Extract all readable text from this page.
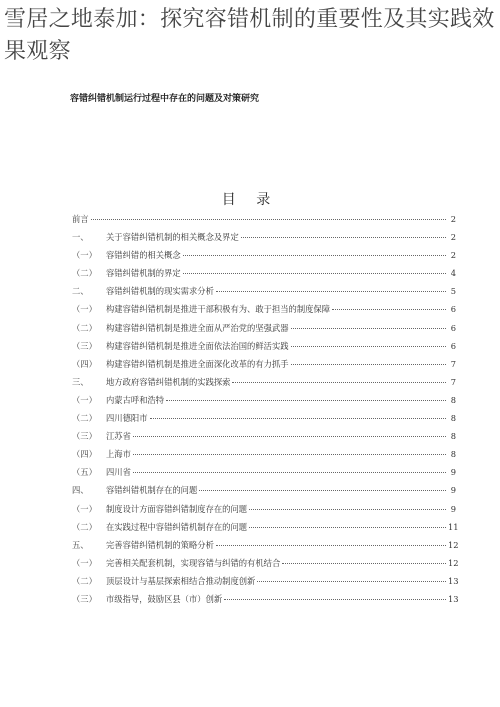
雪居之地泰加：探究容错机制的重要性及其实践效果观察
容错纠错机制运行过程中存在的问题及对策研究
目 录
前言	2
一、	关于容错纠错机制的相关概念及界定	2
（一）	容错纠错的相关概念	2
（二）	容错纠错机制的界定	4
二、	容错纠错机制的现实需求分析	5
（一）	构建容错纠错机制是推进干部积极有为、敢于担当的制度保障	6
（二）	构建容错纠错机制是推进全面从严治党的坚强武器	6
（三）	构建容错纠错机制是推进全面依法治国的鲜活实践	6
（四）	构建容错纠错机制是推进全面深化改革的有力抓手	7
三、	地方政府容错纠错机制的实践探索	7
（一）	内蒙古呼和浩特	8
（二）	四川德阳市	8
（三）	江苏省	8
（四）	上海市	8
（五）	四川省	9
四、	容错纠错机制存在的问题	9
（一）	制度设计方面容错纠错制度存在的问题	9
（二）	在实践过程中容错纠错机制存在的问题	11
五、	完善容错纠错机制的策略分析	12
（一）	完善相关配套机制，实现容错与纠错的有机结合	12
（二）	顶层设计与基层探索相结合推动制度创新	13
（三）	市级指导，鼓励区县（市）创新	13
